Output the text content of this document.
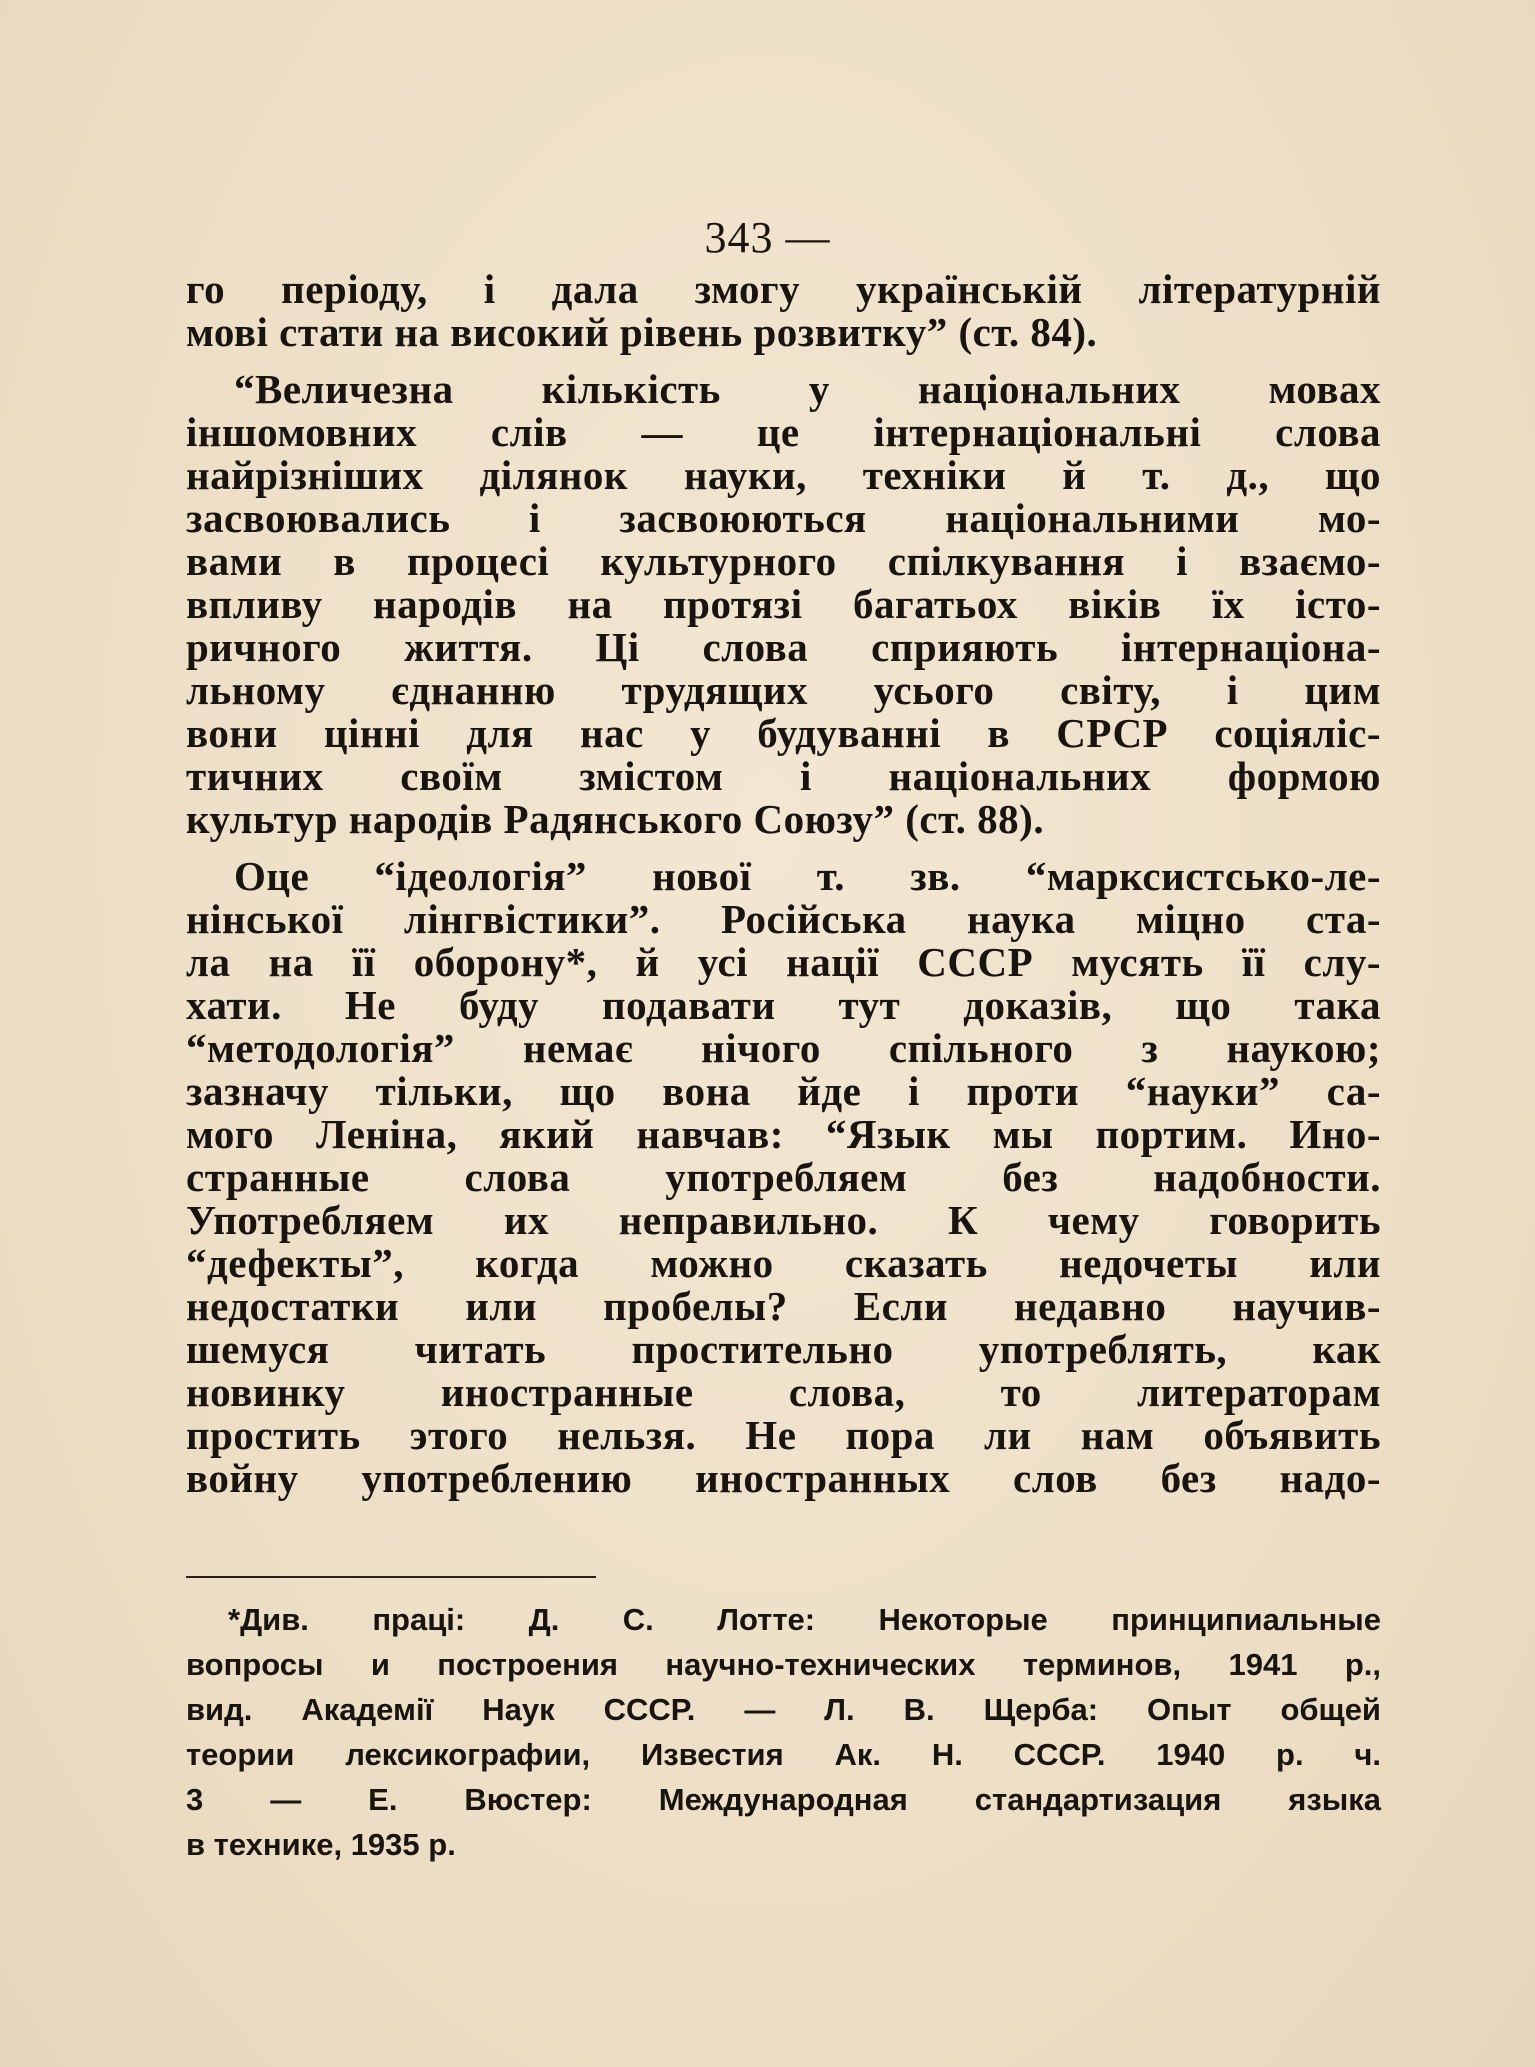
343 —
го періоду, і дала змогу українській літературній
мові стати на високий рівень розвитку” (ст. 84).
“Величезна кількість у національних мовах
іншомовних слів — це інтернаціональні слова
найрізніших ділянок науки, техніки й т. д., що
засвоювались і засвоюються національними мо-
вами в процесі культурного спілкування і взаємо-
впливу народів на протязі багатьох віків їх істо-
ричного життя. Ці слова сприяють інтернаціона-
льному єднанню трудящих усього світу, і цим
вони цінні для нас у будуванні в СРСР соціяліс-
тичних своїм змістом і національних формою
культур народів Радянського Союзу” (ст. 88).
Оце “ідеологія” нової т. зв. “марксистсько-ле-
нінської лінгвістики”. Російська наука міцно ста-
ла на її оборону*, й усі нації СССР мусять її слу-
хати. Не буду подавати тут доказів, що така
“методологія” немає нічого спільного з наукою;
зазначу тільки, що вона йде і проти “науки” са-
мого Леніна, який навчав: “Язык мы портим. Ино-
странные слова употребляем без надобности.
Употребляем их неправильно. К чему говорить
“дефекты”, когда можно сказать недочеты или
недостатки или пробелы? Если недавно научив-
шемуся читать простительно употреблять, как
новинку иностранные слова, то литераторам
простить этого нельзя. Не пора ли нам объявить
войну употреблению иностранных слов без надо-
*Див. праці: Д. С. Лотте: Некоторые принципиальные
вопросы и построения научно-технических терминов, 1941 р.,
вид. Академії Наук СССР. — Л. В. Щерба: Опыт общей
теории лексикографии, Известия Ак. Н. СССР. 1940 р. ч.
3 — Е. Вюстер: Международная стандартизация языка
в технике, 1935 р.
